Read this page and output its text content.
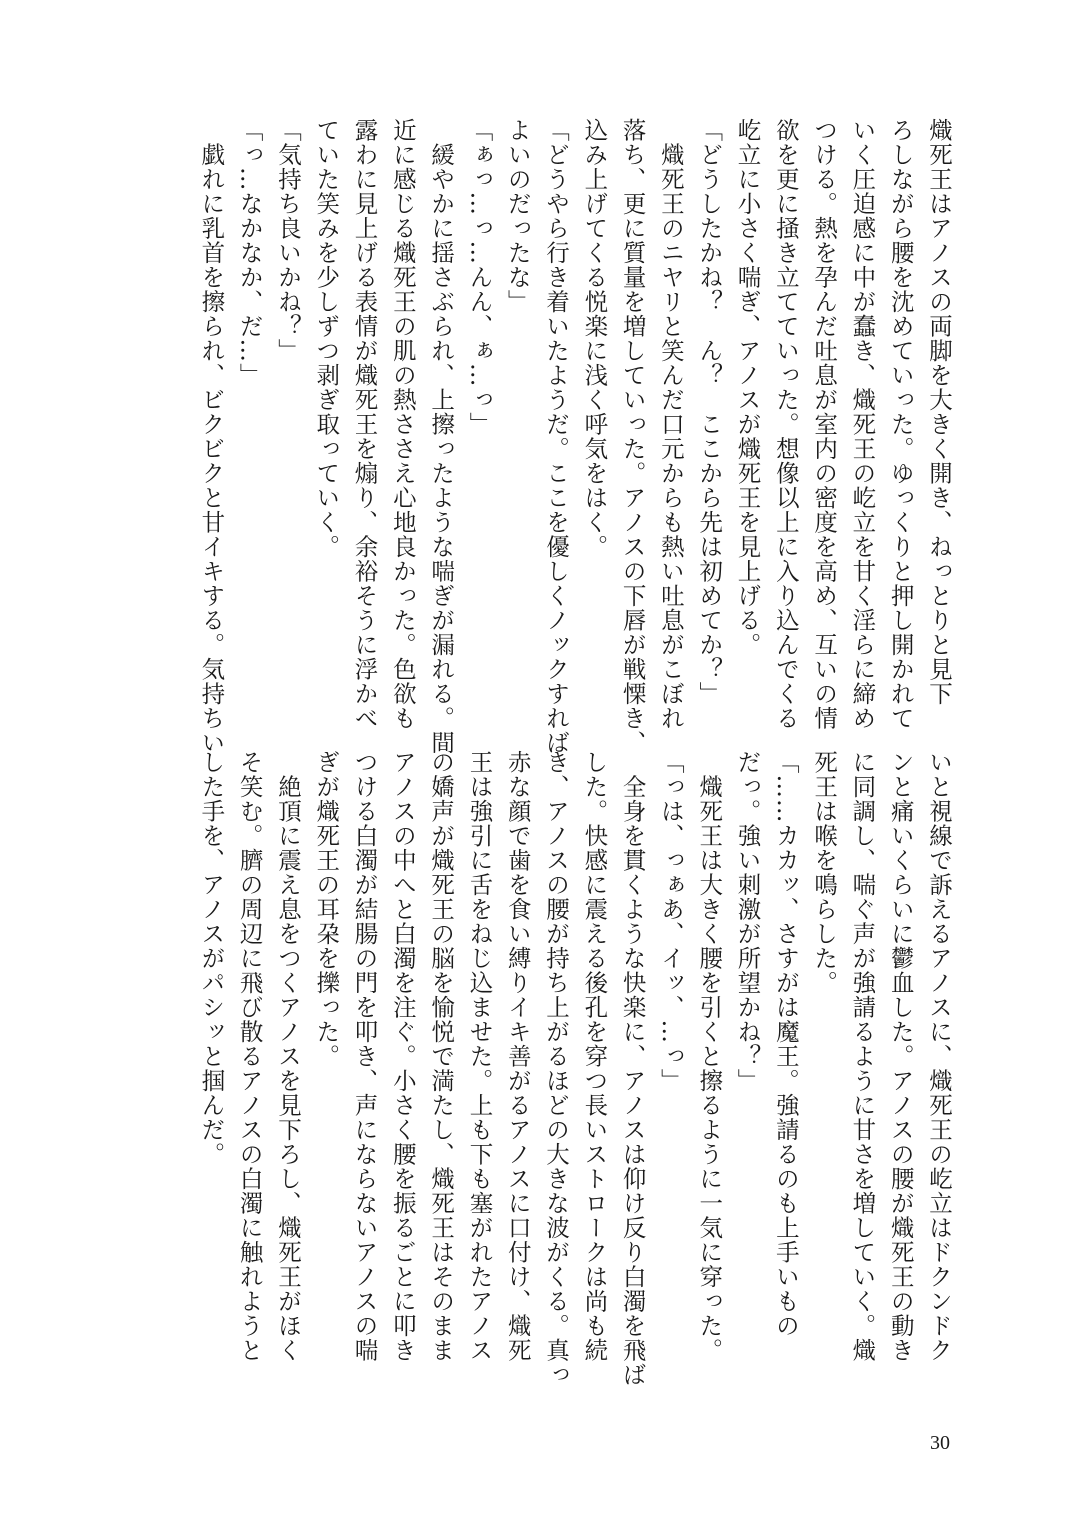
熾死王はアノスの両脚を大きく開き、ねっとりと見下
ろしながら腰を沈めていった。ゆっくりと押し開かれて
いく圧迫感に中が蠢き、熾死王の屹立を甘く淫らに締め
つける。熱を孕んだ吐息が室内の密度を高め、互いの情
欲を更に掻き立てていった。想像以上に入り込んでくる
屹立に小さく喘ぎ、アノスが熾死王を見上げる。
「どうしたかね？　ん？　ここから先は初めてか？」
　熾死王のニヤリと笑んだ口元からも熱い吐息がこぼれ
落ち、更に質量を増していった。アノスの下唇が戦慄き、
込み上げてくる悦楽に浅く呼気をはく。
「どうやら行き着いたようだ。ここを優しくノックすれば
よいのだったな」
「ぁっ…っ…んん、ぁ…っ」
　緩やかに揺さぶられ、上擦ったような喘ぎが漏れる。間
近に感じる熾死王の肌の熱ささえ心地良かった。色欲も
露わに見上げる表情が熾死王を煽り、余裕そうに浮かべ
ていた笑みを少しずつ剥ぎ取っていく。
「気持ち良いかね？」
「っ…なかなか、だ…」
　戯れに乳首を擦られ、ビクビクと甘イキする。気持ちい
いと視線で訴えるアノスに、熾死王の屹立はドクンドク
ンと痛いくらいに鬱血した。アノスの腰が熾死王の動き
に同調し、喘ぐ声が強請るように甘さを増していく。熾
死王は喉を鳴らした。
「……カカッ、さすがは魔王。強請るのも上手いもの
だっ。強い刺激が所望かね？」
　熾死王は大きく腰を引くと擦るように一気に穿った。
「っは、っぁあ、イッ、…っ」
　全身を貫くような快楽に、アノスは仰け反り白濁を飛ば
した。快感に震える後孔を穿つ長いストロークは尚も続
き、アノスの腰が持ち上がるほどの大きな波がくる。真っ
赤な顔で歯を食い縛りイキ善がるアノスに口付け、熾死
王は強引に舌をねじ込ませた。上も下も塞がれたアノス
の嬌声が熾死王の脳を愉悦で満たし、熾死王はそのまま
アノスの中へと白濁を注ぐ。小さく腰を振るごとに叩き
つける白濁が結腸の門を叩き、声にならないアノスの喘
ぎが熾死王の耳朶を擽った。
　絶頂に震え息をつくアノスを見下ろし、熾死王がほく
そ笑む。臍の周辺に飛び散るアノスの白濁に触れようと
した手を、アノスがパシッと掴んだ。
30
